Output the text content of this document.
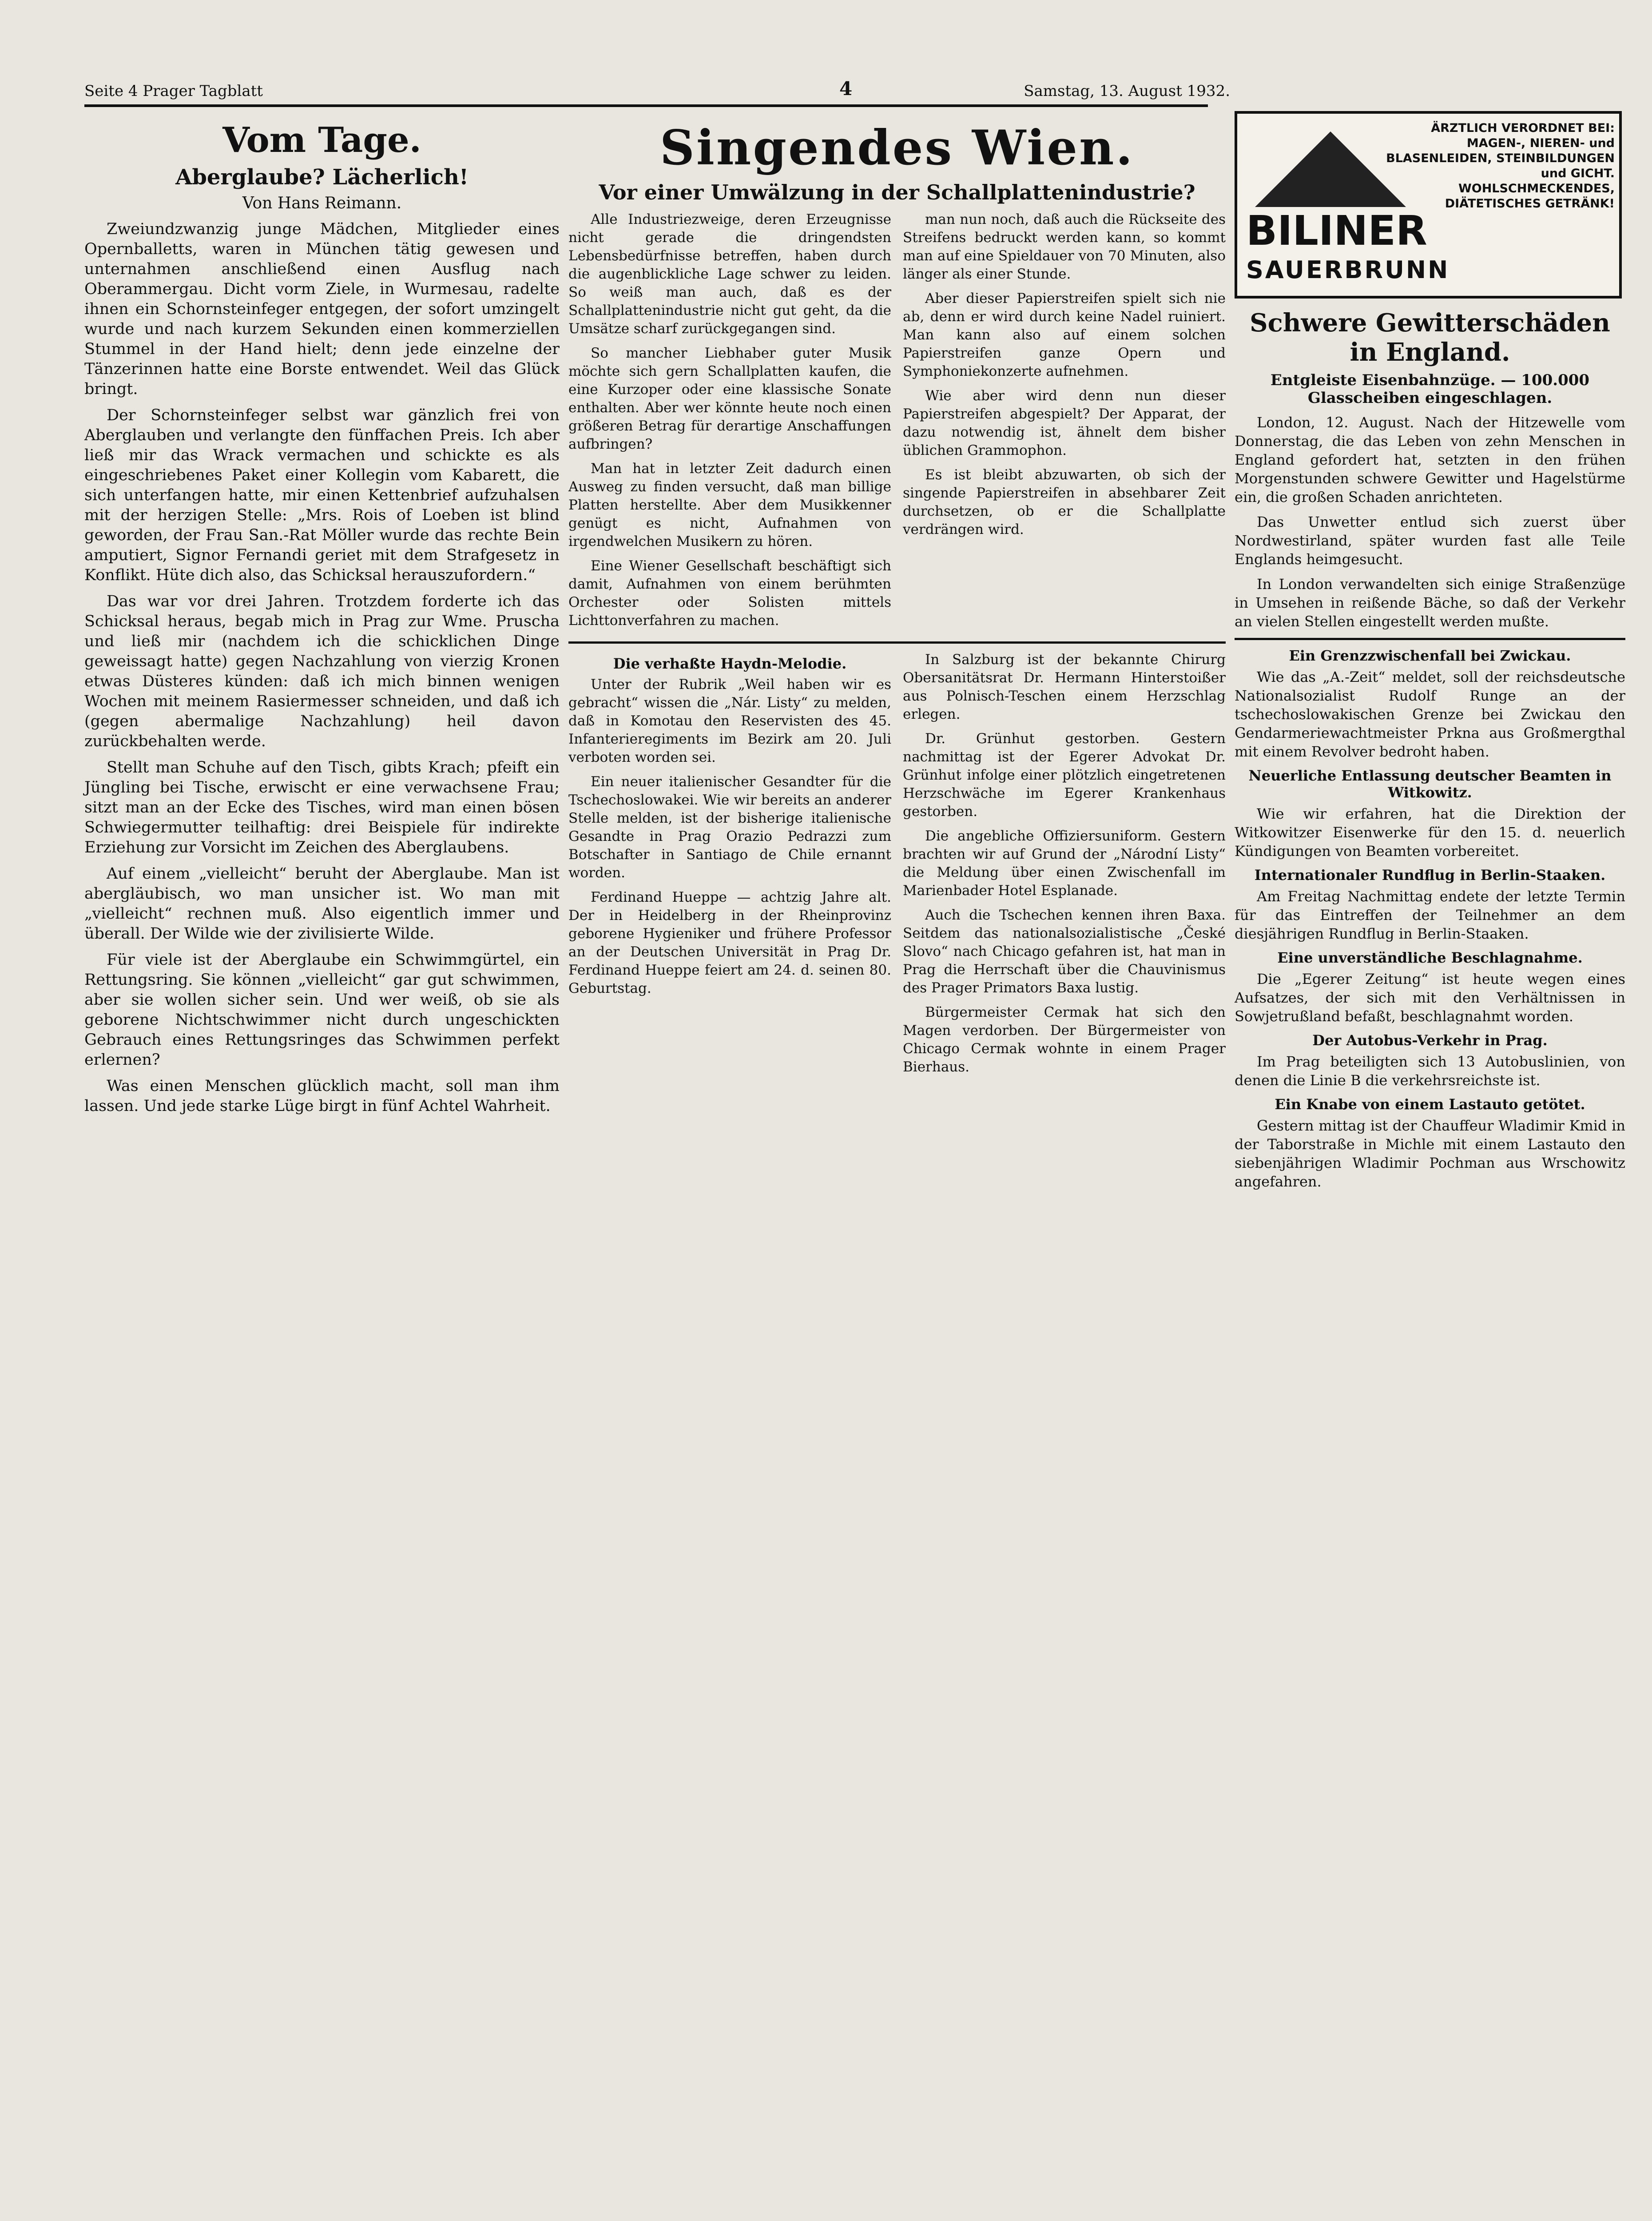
Seite 4 Prager Tagblatt	4	Samstag, 13. August 1932.
Vom Tage.
Aberglaube? Lächerlich!
Von Hans Reimann.

Zweiundzwanzig junge Mädchen, Mitglieder eines Opernballetts, waren in München tätig gewesen und unternahmen anschließend einen Ausflug nach Oberammergau. Dicht vorm Ziele, in Wurmesau, radelte ihnen ein Schornsteinfeger entgegen, der sofort umzingelt wurde und nach kurzem Sekunden einen kommerziellen Stummel in der Hand hielt; denn jede einzelne der Tänzerinnen hatte eine Borste entwendet. Weil das Glück bringt.

Der Schornsteinfeger selbst war gänzlich frei von Aberglauben und verlangte den fünffachen Preis. Ich aber ließ mir das Wrack vermachen und schickte es als eingeschriebenes Paket einer Kollegin vom Kabarett, die sich unterfangen hatte, mir einen Kettenbrief aufzuhalsen mit der herzigen Stelle: „Mrs. Rois of Loeben ist blind geworden, der Frau San.-Rat Möller wurde das rechte Bein amputiert, Signor Fernandi geriet mit dem Strafgesetz in Konflikt. Hüte dich also, das Schicksal herauszufordern.“

Das war vor drei Jahren. Trotzdem forderte ich das Schicksal heraus, begab mich in Prag zur Wme. Pruscha und ließ mir (nachdem ich die schicklichen Dinge geweissagt hatte) gegen Nachzahlung von vierzig Kronen etwas Düsteres künden: daß ich mich binnen wenigen Wochen mit meinem Rasiermesser schneiden, und daß ich (gegen abermalige Nachzahlung) heil davon zurückbehalten werde.

Stellt man Schuhe auf den Tisch, gibts Krach; pfeift ein Jüngling bei Tische, erwischt er eine verwachsene Frau; sitzt man an der Ecke des Tisches, wird man einen bösen Schwiegermutter teilhaftig: drei Beispiele für indirekte Erziehung zur Vorsicht im Zeichen des Aberglaubens.

Auf einem „vielleicht“ beruht der Aberglaube. Man ist abergläubisch, wo man unsicher ist. Wo man mit „vielleicht“ rechnen muß. Also eigentlich immer und überall. Der Wilde wie der zivilisierte Wilde.

Für viele ist der Aberglaube ein Schwimmgürtel, ein Rettungsring. Sie können „vielleicht“ gar gut schwimmen, aber sie wollen sicher sein. Und wer weiß, ob sie als geborene Nichtschwimmer nicht durch ungeschickten Gebrauch eines Rettungsringes das Schwimmen perfekt erlernen?

Was einen Menschen glücklich macht, soll man ihm lassen. Und jede starke Lüge birgt in fünf Achtel Wahrheit.

Singendes Wien.
Vor einer Umwälzung in der Schallplattenindustrie?

Alle Industriezweige, deren Erzeugnisse nicht gerade die dringendsten Lebensbedürfnisse betreffen, haben durch die augenblickliche Lage schwer zu leiden. So weiß man auch, daß es der Schallplattenindustrie nicht gut geht, da die Umsätze scharf zurückgegangen sind.

So mancher Liebhaber guter Musik möchte sich gern Schallplatten kaufen, die eine Kurzoper oder eine klassische Sonate enthalten. Aber wer könnte heute noch einen größeren Betrag für derartige Anschaffungen aufbringen?

Man hat in letzter Zeit dadurch einen Ausweg zu finden versucht, daß man billige Platten herstellte. Aber dem Musikkenner genügt es nicht, Aufnahmen von irgendwelchen Musikern zu hören.

Eine Wiener Gesellschaft beschäftigt sich damit, Aufnahmen von einem berühmten Orchester oder Solisten mittels Lichttonverfahren zu machen.

man nun noch, daß auch die Rückseite des Streifens bedruckt werden kann, so kommt man auf eine Spieldauer von 70 Minuten, also länger als einer Stunde.

Aber dieser Papierstreifen spielt sich nie ab, denn er wird durch keine Nadel ruiniert. Man kann also auf einem solchen Papierstreifen ganze Opern und Symphoniekonzerte aufnehmen.

Wie aber wird denn nun dieser Papierstreifen abgespielt? Der Apparat, der dazu notwendig ist, ähnelt dem bisher üblichen Grammophon.

Es ist bleibt abzuwarten, ob sich der singende Papierstreifen in absehbarer Zeit durchsetzen, ob er die Schallplatte verdrängen wird.

Die verhaßte Haydn-Melodie.

Unter der Rubrik „Weil haben wir es gebracht“ wissen die „Nár. Listy“ zu melden, daß in Komotau den Reservisten des 45. Infanterieregiments im Bezirk am 20. Juli verboten worden sei.

Ein neuer italienischer Gesandter für die Tschechoslowakei. Wie wir bereits an anderer Stelle melden, ist der bisherige italienische Gesandte in Prag Orazio Pedrazzi zum Botschafter in Santiago de Chile ernannt worden.

Ferdinand Hueppe — achtzig Jahre alt. Der in Heidelberg in der Rheinprovinz geborene Hygieniker und frühere Professor an der Deutschen Universität in Prag Dr. Ferdinand Hueppe feiert am 24. d. seinen 80. Geburtstag.

In Salzburg ist der bekannte Chirurg Obersanitätsrat Dr. Hermann Hinterstoißer aus Polnisch-Teschen einem Herzschlag erlegen.

Dr. Grünhut gestorben. Gestern nachmittag ist der Egerer Advokat Dr. Grünhut infolge einer plötzlich eingetretenen Herzschwäche im Egerer Krankenhaus gestorben.

Die angebliche Offiziersuniform. Gestern brachten wir auf Grund der „Národní Listy“ die Meldung über einen Zwischenfall im Marienbader Hotel Esplanade.

Auch die Tschechen kennen ihren Baxa. Seitdem das nationalsozialistische „České Slovo“ nach Chicago gefahren ist, hat man in Prag die Herrschaft über die Chauvinismus des Prager Primators Baxa lustig.

Bürgermeister Cermak hat sich den Magen verdorben. Der Bürgermeister von Chicago Cermak wohnte in einem Prager Bierhaus.

ÄRZTLICH VERORDNET BEI: MAGEN-, NIEREN- und BLASENLEIDEN, STEINBILDUNGEN und GICHT. WOHLSCHMECKENDES, DIÄTETISCHES GETRÄNK!
BILINER
SAUERBRUNN
Schwere Gewitterschäden in England.
Entgleiste Eisenbahnzüge. — 100.000 Glasscheiben eingeschlagen.

London, 12. August. Nach der Hitzewelle vom Donnerstag, die das Leben von zehn Menschen in England gefordert hat, setzten in den frühen Morgenstunden schwere Gewitter und Hagelstürme ein, die großen Schaden anrichteten.

Das Unwetter entlud sich zuerst über Nordwestirland, später wurden fast alle Teile Englands heimgesucht.

In London verwandelten sich einige Straßenzüge in Umsehen in reißende Bäche, so daß der Verkehr an vielen Stellen eingestellt werden mußte.

Ein Grenzzwischenfall bei Zwickau.

Wie das „A.-Zeit“ meldet, soll der reichsdeutsche Nationalsozialist Rudolf Runge an der tschechoslowakischen Grenze bei Zwickau den Gendarmeriewachtmeister Prkna aus Großmergthal mit einem Revolver bedroht haben.

Neuerliche Entlassung deutscher Beamten in Witkowitz.

Wie wir erfahren, hat die Direktion der Witkowitzer Eisenwerke für den 15. d. neuerlich Kündigungen von Beamten vorbereitet.

Internationaler Rundflug in Berlin-Staaken.

Am Freitag Nachmittag endete der letzte Termin für das Eintreffen der Teilnehmer an dem diesjährigen Rundflug in Berlin-Staaken.

Eine unverständliche Beschlagnahme.

Die „Egerer Zeitung“ ist heute wegen eines Aufsatzes, der sich mit den Verhältnissen in Sowjetrußland befaßt, beschlagnahmt worden.

Der Autobus-Verkehr in Prag.

Im Prag beteiligten sich 13 Autobuslinien, von denen die Linie B die verkehrsreichste ist.

Ein Knabe von einem Lastauto getötet.

Gestern mittag ist der Chauffeur Wladimir Kmid in der Taborstraße in Michle mit einem Lastauto den siebenjährigen Wladimir Pochman aus Wrschowitz angefahren.
